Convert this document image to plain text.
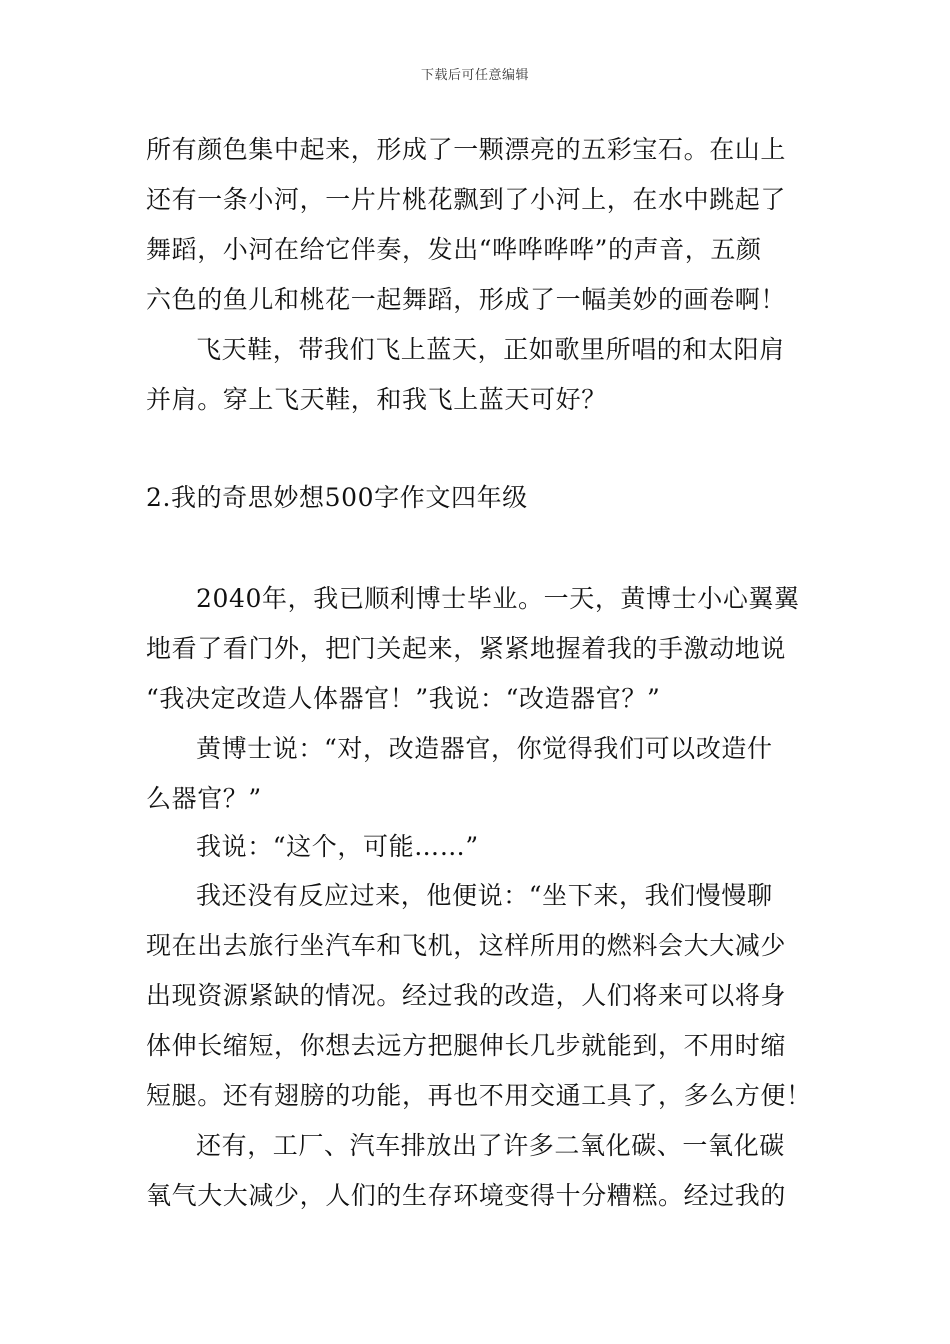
下载后可任意编辑
所有颜色集中起来，形成了一颗漂亮的五彩宝石。在山上
还有一条小河，一片片桃花飘到了小河上，在水中跳起了
舞蹈，小河在给它伴奏，发出“哗哗哗哗”的声音，五颜
六色的鱼儿和桃花一起舞蹈，形成了一幅美妙的画卷啊！
飞天鞋，带我们飞上蓝天，正如歌里所唱的和太阳肩
并肩。穿上飞天鞋，和我飞上蓝天可好？
2.我的奇思妙想500字作文四年级
2040年，我已顺利博士毕业。一天，黄博士小心翼翼
地看了看门外，把门关起来，紧紧地握着我的手激动地说
“我决定改造人体器官！”我说：“改造器官？”
黄博士说：“对，改造器官，你觉得我们可以改造什
么器官？”
我说：“这个，可能……”
我还没有反应过来，他便说：“坐下来，我们慢慢聊
现在出去旅行坐汽车和飞机，这样所用的燃料会大大减少
出现资源紧缺的情况。经过我的改造，人们将来可以将身
体伸长缩短，你想去远方把腿伸长几步就能到，不用时缩
短腿。还有翅膀的功能，再也不用交通工具了，多么方便！
还有，工厂、汽车排放出了许多二氧化碳、一氧化碳
氧气大大减少，人们的生存环境变得十分糟糕。经过我的
